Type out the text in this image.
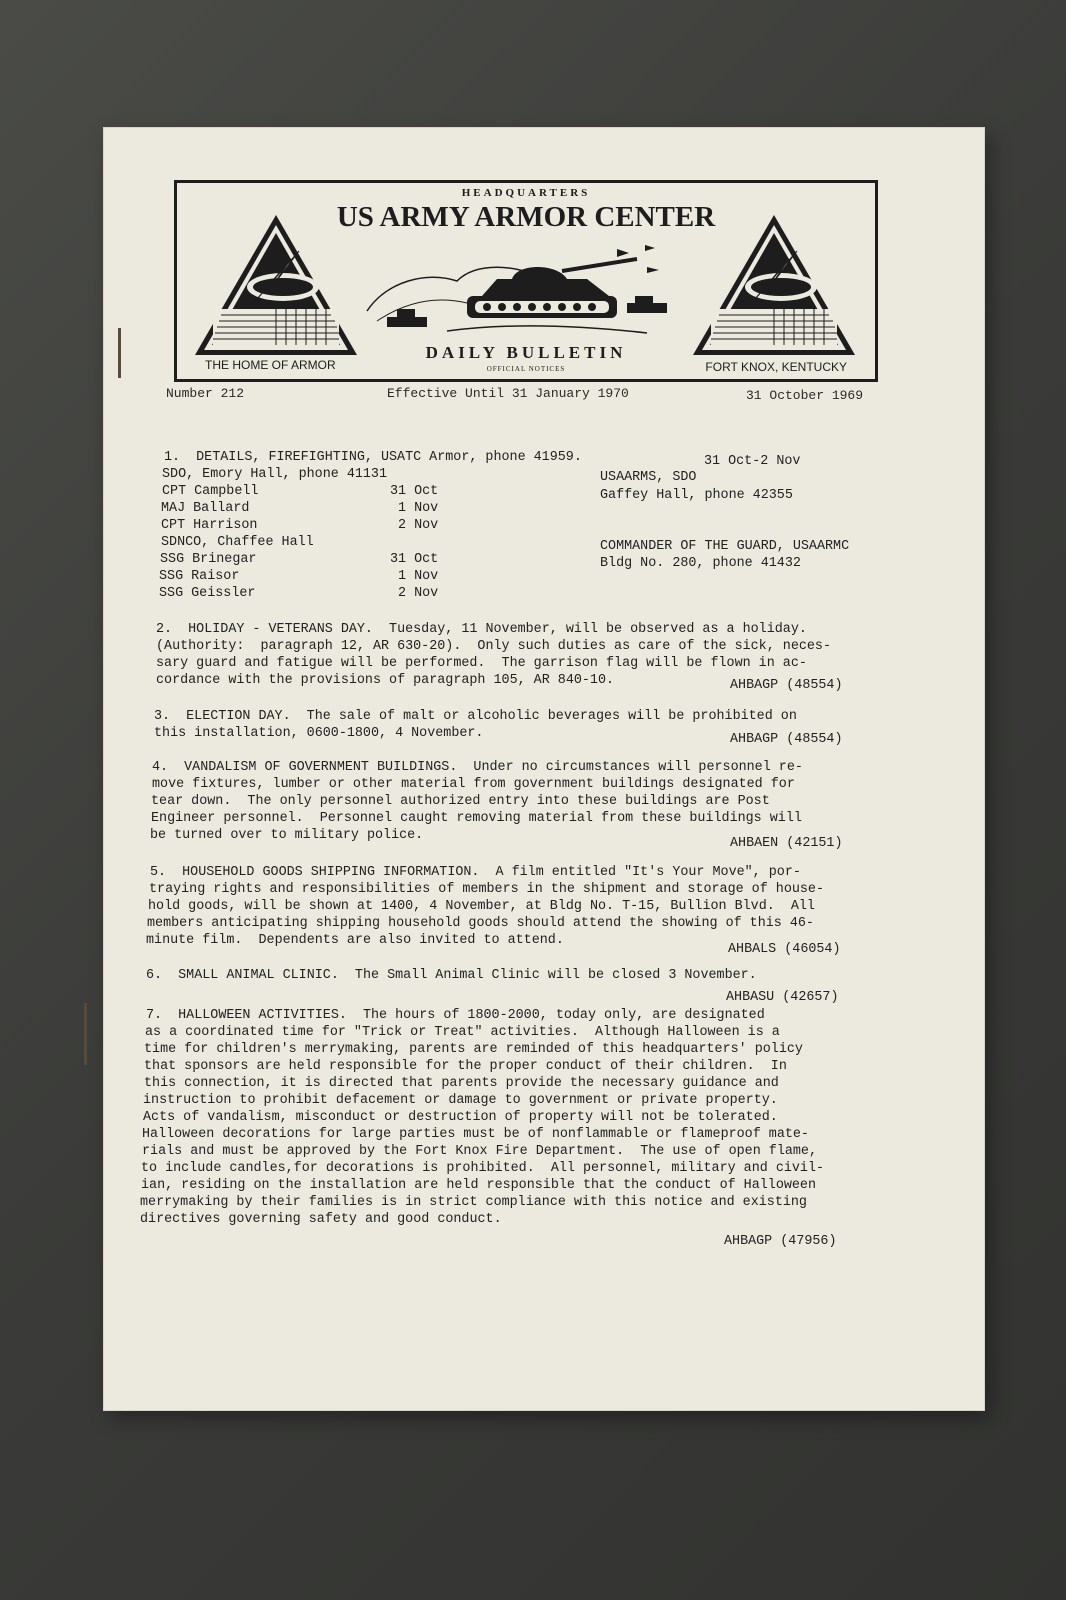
HEADQUARTERS
US ARMY ARMOR CENTER
DAILY BULLETIN
OFFICIAL NOTICES
THE HOME OF ARMOR	FORT KNOX, KENTUCKY
Number 212	Effective Until 31 January 1970	31 October 1969
1.  DETAILS, FIREFIGHTING, USATC Armor, phone 41959.	31 Oct-2 Nov
SDO, Emory Hall, phone 41131
CPT Campbell	31 Oct
MAJ Ballard	1 Nov
CPT Harrison	2 Nov
SDNCO, Chaffee Hall
SSG Brinegar	31 Oct
SSG Raisor	1 Nov
SSG Geissler	2 Nov
USAARMS, SDO
Gaffey Hall, phone 42355
COMMANDER OF THE GUARD, USAARMC
Bldg No. 280, phone 41432
2.  HOLIDAY - VETERANS DAY.  Tuesday, 11 November, will be observed as a holiday.
(Authority:  paragraph 12, AR 630-20).  Only such duties as care of the sick, neces-
sary guard and fatigue will be performed.  The garrison flag will be flown in ac-
cordance with the provisions of paragraph 105, AR 840-10.	AHBAGP (48554)
3.  ELECTION DAY.  The sale of malt or alcoholic beverages will be prohibited on
this installation, 0600-1800, 4 November.	AHBAGP (48554)
4.  VANDALISM OF GOVERNMENT BUILDINGS.  Under no circumstances will personnel re-
move fixtures, lumber or other material from government buildings designated for
tear down.  The only personnel authorized entry into these buildings are Post
Engineer personnel.  Personnel caught removing material from these buildings will
be turned over to military police.
AHBAEN (42151)
5.  HOUSEHOLD GOODS SHIPPING INFORMATION.  A film entitled "It's Your Move", por-
traying rights and responsibilities of members in the shipment and storage of house-
hold goods, will be shown at 1400, 4 November, at Bldg No. T-15, Bullion Blvd.  All
members anticipating shipping household goods should attend the showing of this 46-
minute film.  Dependents are also invited to attend.
AHBALS (46054)
6.  SMALL ANIMAL CLINIC.  The Small Animal Clinic will be closed 3 November.
AHBASU (42657)
7.  HALLOWEEN ACTIVITIES.  The hours of 1800-2000, today only, are designated
as a coordinated time for "Trick or Treat" activities.  Although Halloween is a
time for children's merrymaking, parents are reminded of this headquarters' policy
that sponsors are held responsible for the proper conduct of their children.  In
this connection, it is directed that parents provide the necessary guidance and
instruction to prohibit defacement or damage to government or private property.
Acts of vandalism, misconduct or destruction of property will not be tolerated.
Halloween decorations for large parties must be of nonflammable or flameproof mate-
rials and must be approved by the Fort Knox Fire Department.  The use of open flame,
to include candles,for decorations is prohibited.  All personnel, military and civil-
ian, residing on the installation are held responsible that the conduct of Halloween
merrymaking by their families is in strict compliance with this notice and existing
directives governing safety and good conduct.
AHBAGP (47956)
